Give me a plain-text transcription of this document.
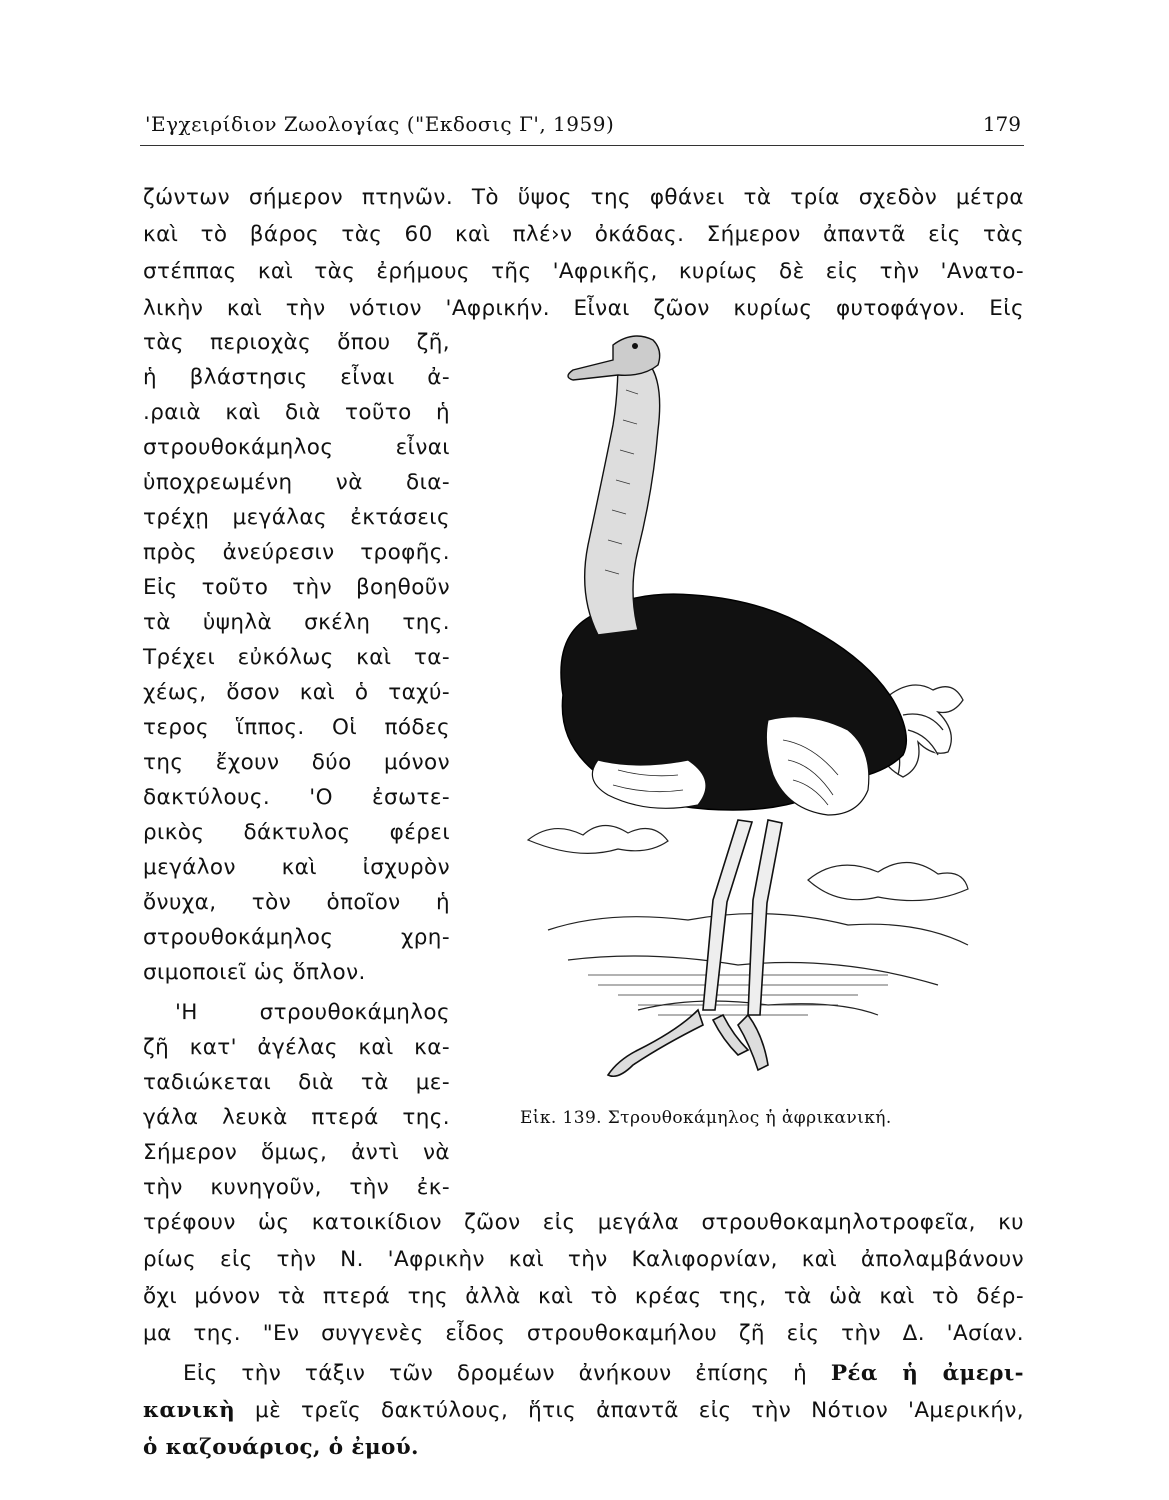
'Εγχειρίδιον Ζωολογίας ("Εκδοσις Γ', 1959)	179
ζώντων σήμερον πτηνῶν. Τὸ ὕψος της φθάνει τὰ τρία σχεδὸν μέτρα
καὶ τὸ βάρος τὰς 60 καὶ πλέ›ν ὀκάδας. Σήμερον ἀπαντᾶ εἰς τὰς
στέππας καὶ τὰς ἐρήμους τῆς 'Αφρικῆς, κυρίως δὲ εἰς τὴν 'Ανατο-
λικὴν καὶ τὴν νότιον 'Αφρικήν. Εἶναι ζῶον κυρίως φυτοφάγον. Εἰς
τὰς περιοχὰς ὅπου ζῆ,
ἡ βλάστησις εἶναι ἀ-
.ραιὰ καὶ διὰ τοῦτο ἡ
στρουθοκάμηλος εἶναι
ὑποχρεωμένη νὰ δια-
τρέχῃ μεγάλας ἐκτάσεις
πρὸς ἀνεύρεσιν τροφῆς.
Εἰς τοῦτο τὴν βοηθοῦν
τὰ ὑψηλὰ σκέλη της.
Τρέχει εὐκόλως καὶ τα-
χέως, ὅσον καὶ ὁ ταχύ-
τερος ἵππος. Οἱ πόδες
της ἔχουν δύο μόνον
δακτύλους. 'Ο ἐσωτε-
ρικὸς δάκτυλος φέρει
μεγάλον καὶ ἰσχυρὸν
ὄνυχα, τὸν ὁποῖον ἡ
στρουθοκάμηλος χρη-
σιμοποιεῖ ὡς ὅπλον.
'Η στρουθοκάμηλος
ζῆ κατ' ἀγέλας καὶ κα-
ταδιώκεται διὰ τὰ με-
γάλα λευκὰ πτερά της.
Σήμερον ὅμως, ἀντὶ νὰ
τὴν κυνηγοῦν, τὴν ἐκ-
τρέφουν ὡς κατοικίδιον ζῶον εἰς μεγάλα στρουθοκαμηλοτροφεῖα, κυ
ρίως εἰς τὴν Ν. 'Αφρικὴν καὶ τὴν Καλιφορνίαν, καὶ ἀπολαμβάνουν
ὄχι μόνον τὰ πτερά της ἀλλὰ καὶ τὸ κρέας της, τὰ ὡὰ καὶ τὸ δέρ-
μα της. "Εν συγγενὲς εἶδος στρουθοκαμήλου ζῆ εἰς τὴν Δ. 'Ασίαν.
Εἰς τὴν τάξιν τῶν δρομέων ἀνήκουν ἐπίσης ἡ Ρέα ἡ ἀμερι-
κανικὴ μὲ τρεῖς δακτύλους, ἥτις ἀπαντᾶ εἰς τὴν Νότιον 'Αμερικήν,
ὁ καζουάριος, ὁ ἐμού.
Εἰκ. 139. Στρουθοκάμηλος ἡ ἀφρικανική.
